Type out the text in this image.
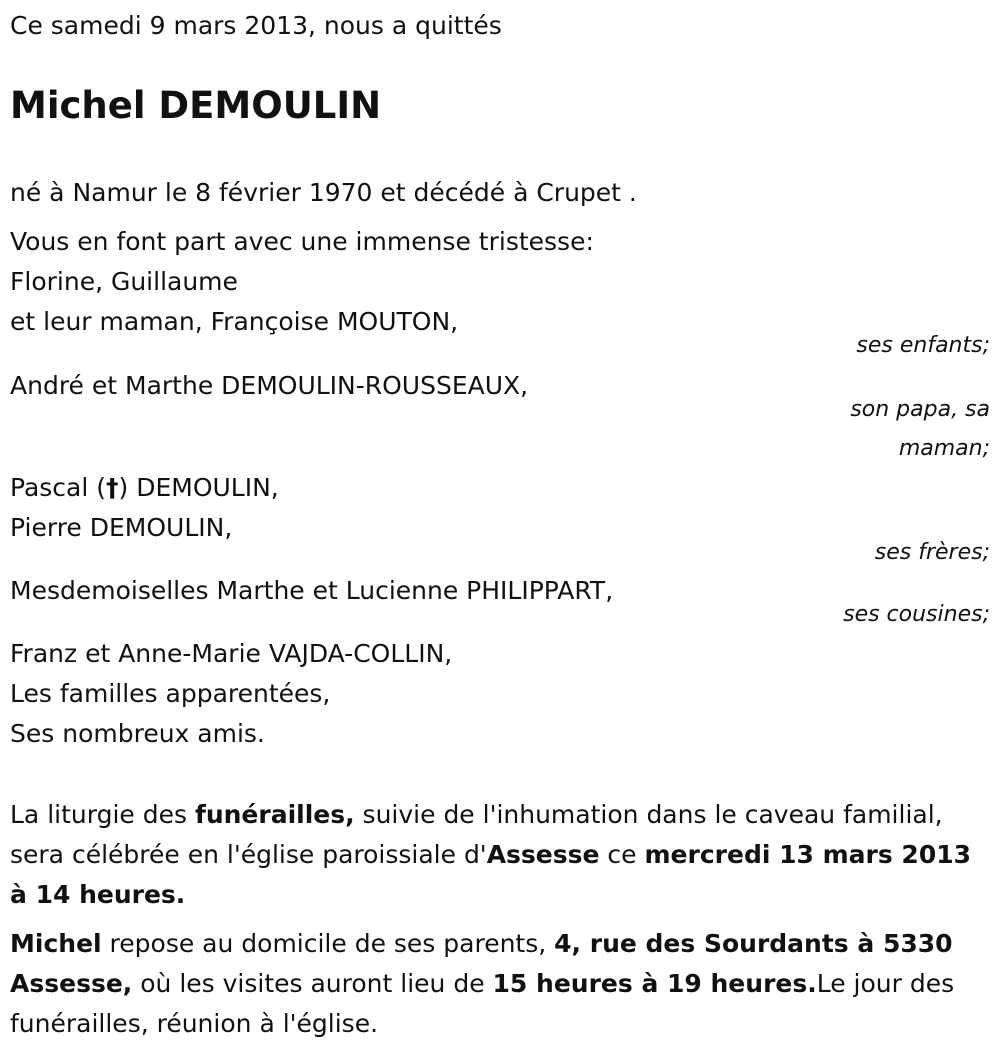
Ce samedi 9 mars 2013, nous a quittés
Michel DEMOULIN
né à Namur le 8 février 1970 et décédé à Crupet .
Vous en font part avec une immense tristesse:
Florine, Guillaume
et leur maman, Françoise MOUTON,
ses enfants;
André et Marthe DEMOULIN-ROUSSEAUX,
son papa, sa
maman;
Pascal (†) DEMOULIN,
Pierre DEMOULIN,
ses frères;
Mesdemoiselles Marthe et Lucienne PHILIPPART,
ses cousines;
Franz et Anne-Marie VAJDA-COLLIN,
Les familles apparentées,
Ses nombreux amis.
La liturgie des funérailles, suivie de l'inhumation dans le caveau familial, sera célébrée en l'église paroissiale d'Assesse ce mercredi 13 mars 2013 à 14 heures.
Michel repose au domicile de ses parents, 4, rue des Sourdants à 5330 Assesse, où les visites auront lieu de 15 heures à 19 heures.Le jour des funérailles, réunion à l'église.
